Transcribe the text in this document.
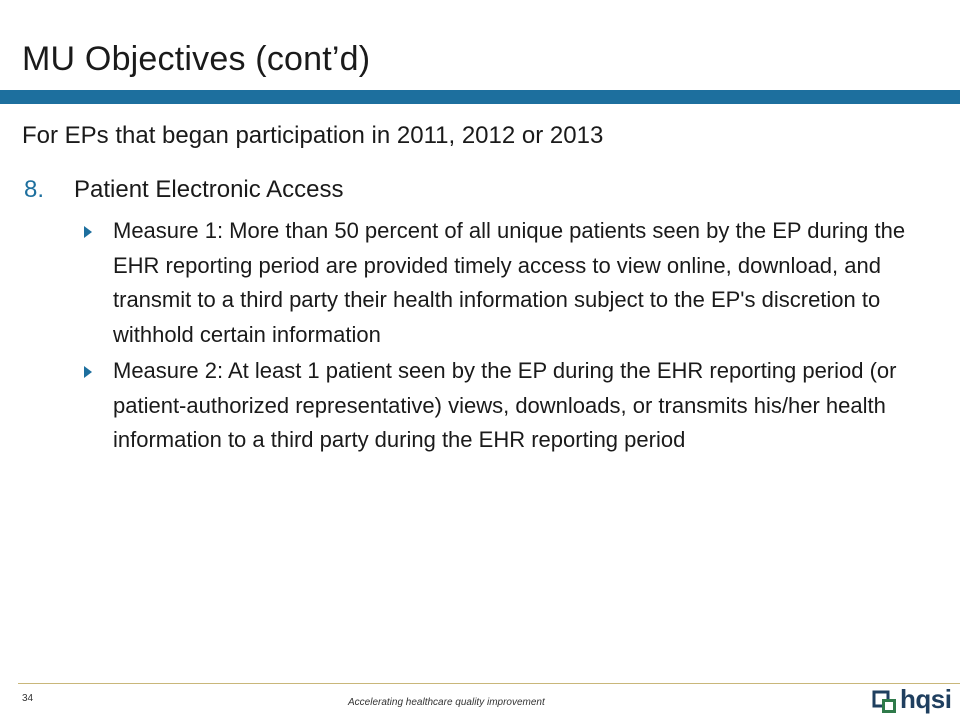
MU Objectives (cont’d)

For EPs that began participation in 2011, 2012 or 2013

8. Patient Electronic Access
Measure 1: More than 50 percent of all unique patients seen by the EP during the EHR reporting period are provided timely access to view online, download, and transmit to a third party their health information subject to the EP's discretion to withhold certain information
Measure 2: At least 1 patient seen by the EP during the EHR reporting period (or patient-authorized representative) views, downloads, or transmits his/her health information to a third party during the EHR reporting period
34	Accelerating healthcare quality improvement	hqsi
